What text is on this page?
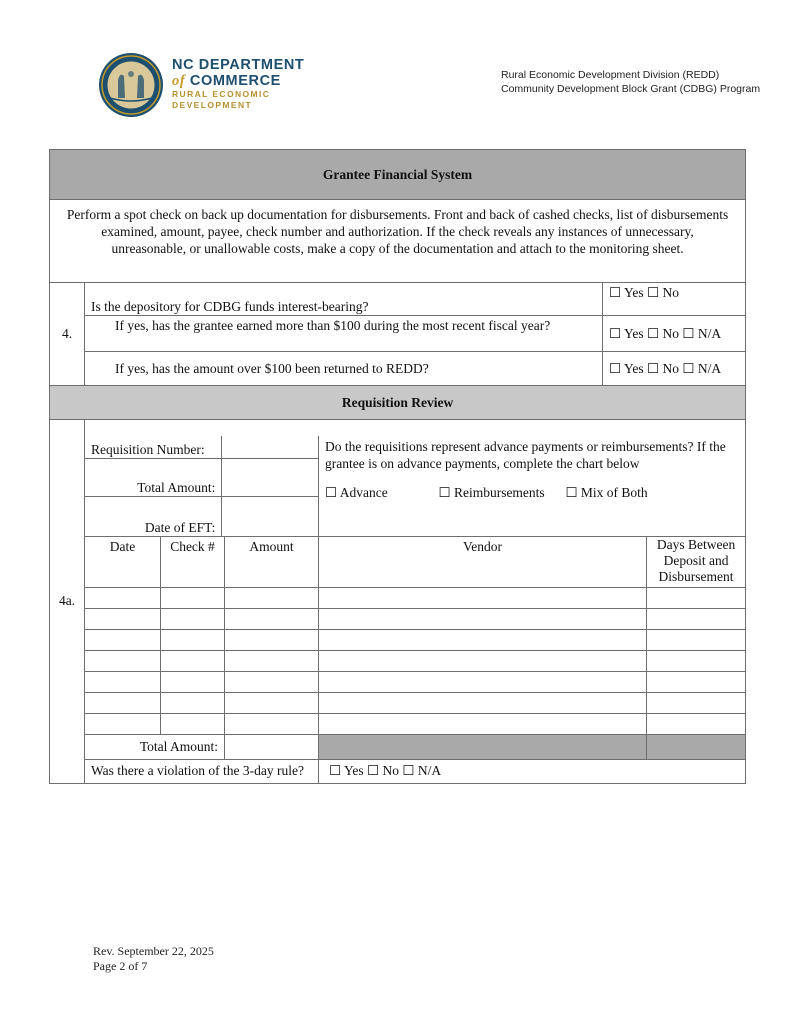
NC DEPARTMENT
of COMMERCE
RURAL ECONOMIC
DEVELOPMENT
Rural Economic Development Division (REDD)
Community Development Block Grant (CDBG) Program
Grantee Financial System
Perform a spot check on back up documentation for disbursements. Front and back of cashed checks, list of disbursements examined, amount, payee, check number and authorization. If the check reveals any instances of unnecessary, unreasonable, or unallowable costs, make a copy of the documentation and attach to the monitoring sheet.
4.	Is the depository for CDBG funds interest-bearing?	☐ Yes ☐ No
If yes, has the grantee earned more than $100 during the most recent fiscal year?	☐ Yes ☐ No ☐ N/A
If yes, has the amount over $100 been returned to REDD?	☐ Yes ☐ No ☐ N/A
Requisition Review
4a.	

Requisition Number:	
Total Amount:	
Date of EFT:	

Do the requisitions represent advance payments or reimbursements? If the grantee is on advance payments, complete the chart below
☐ Advance	☐ Reimbursements ☐ Mix of Both

Date	Check #	Amount	Vendor	Days Between Deposit and Disbursement

Total Amount:			
Was there a violation of the 3-day rule?	☐ Yes ☐ No ☐ N/A
Rev. September 22, 2025
Page 2 of 7
